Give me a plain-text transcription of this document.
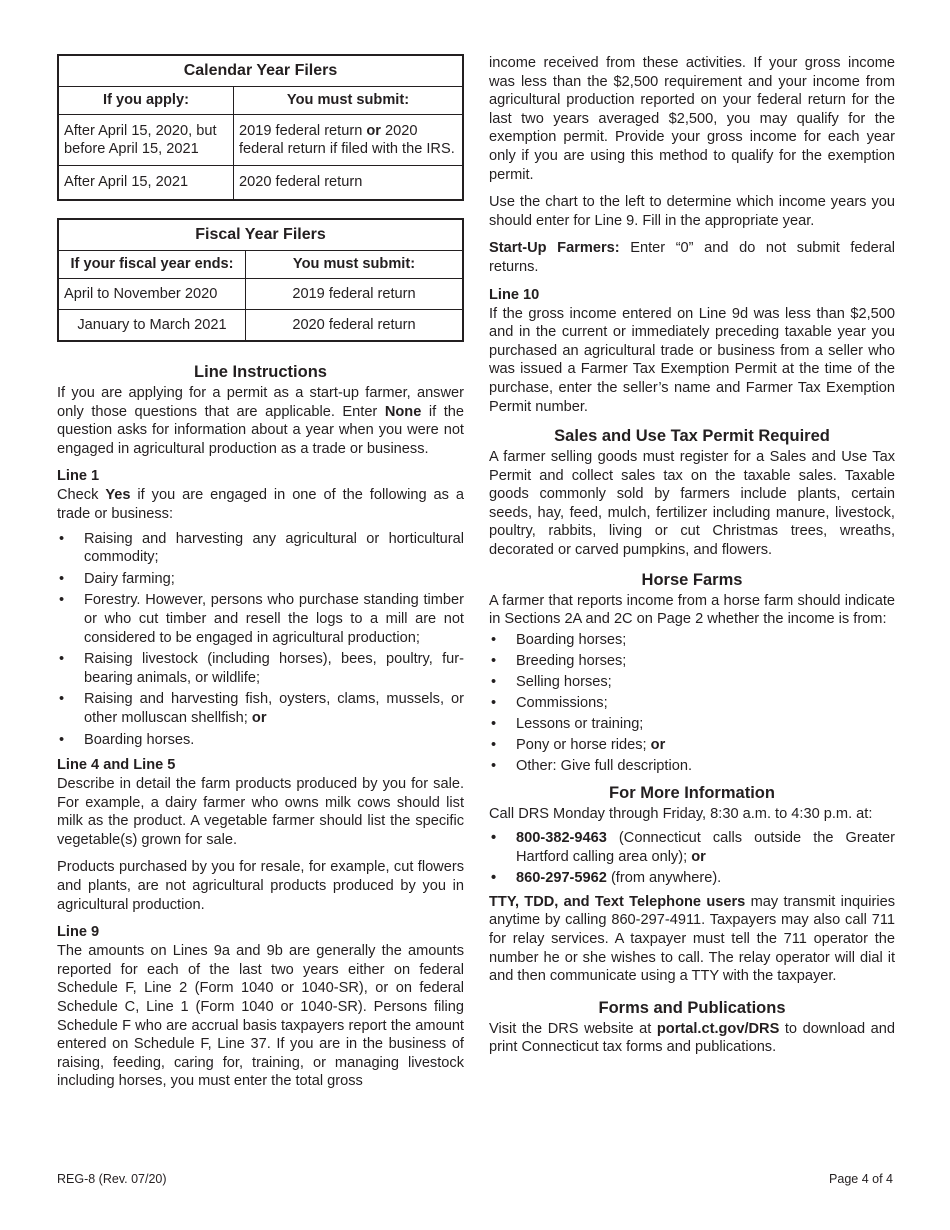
Calendar Year Filers	
If you apply:	You must submit:
After April 15, 2020, but before April 15, 2021	2019 federal return or 2020 federal return if filed with the IRS.
After April 15, 2021	2020 federal return
Fiscal Year Filers	
If your fiscal year ends:	You must submit:
April to November 2020	2019 federal return
January to March 2021	2020 federal return
Line Instructions

If you are applying for a permit as a start-up farmer, answer only those questions that are applicable. Enter None if the question asks for information about a year when you were not engaged in agricultural production as a trade or business.

Line 1

Check Yes if you are engaged in one of the following as a trade or business:

• Raising and harvesting any agricultural or horticultural commodity;
• Dairy farming;
• Forestry. However, persons who purchase standing timber or who cut timber and resell the logs to a mill are not considered to be engaged in agricultural production;
• Raising livestock (including horses), bees, poultry, fur-bearing animals, or wildlife;
• Raising and harvesting fish, oysters, clams, mussels, or other molluscan shellfish; or
• Boarding horses.
Line 4 and Line 5

Describe in detail the farm products produced by you for sale. For example, a dairy farmer who owns milk cows should list milk as the product. A vegetable farmer should list the specific vegetable(s) grown for sale.

Products purchased by you for resale, for example, cut flowers and plants, are not agricultural products produced by you in agricultural production.

Line 9

The amounts on Lines 9a and 9b are generally the amounts reported for each of the last two years either on federal Schedule F, Line 2 (Form 1040 or 1040-SR), or on federal Schedule C, Line 1 (Form 1040 or 1040-SR). Persons filing Schedule F who are accrual basis taxpayers report the amount entered on Schedule F, Line 37. If you are in the business of raising, feeding, caring for, training, or managing livestock including horses, you must enter the total gross

income received from these activities. If your gross income was less than the $2,500 requirement and your income from agricultural production reported on your federal return for the last two years averaged $2,500, you may qualify for the exemption permit. Provide your gross income for each year only if you are using this method to qualify for the exemption permit.

Use the chart to the left to determine which income years you should enter for Line 9. Fill in the appropriate year.

Start-Up Farmers: Enter “0” and do not submit federal returns.

Line 10

If the gross income entered on Line 9d was less than $2,500 and in the current or immediately preceding taxable year you purchased an agricultural trade or business from a seller who was issued a Farmer Tax Exemption Permit at the time of the purchase, enter the seller’s name and Farmer Tax Exemption Permit number.

Sales and Use Tax Permit Required

A farmer selling goods must register for a Sales and Use Tax Permit and collect sales tax on the taxable sales. Taxable goods commonly sold by farmers include plants, certain seeds, hay, feed, mulch, fertilizer including manure, livestock, poultry, rabbits, living or cut Christmas trees, wreaths, decorated or carved pumpkins, and flowers.

Horse Farms

A farmer that reports income from a horse farm should indicate in Sections 2A and 2C on Page 2 whether the income is from:

• Boarding horses;
• Breeding horses;
• Selling horses;
• Commissions;
• Lessons or training;
• Pony or horse rides; or
• Other: Give full description.
For More Information

Call DRS Monday through Friday, 8:30 a.m. to 4:30 p.m. at:

• 800-382-9463 (Connecticut calls outside the Greater Hartford calling area only); or
• 860-297-5962 (from anywhere).

TTY, TDD, and Text Telephone users may transmit inquiries anytime by calling 860-297-4911. Taxpayers may also call 711 for relay services. A taxpayer must tell the 711 operator the number he or she wishes to call. The relay operator will dial it and then communicate using a TTY with the taxpayer.

Forms and Publications

Visit the DRS website at portal.ct.gov/DRS to download and print Connecticut tax forms and publications.

REG-8 (Rev. 07/20)	Page 4 of 4
